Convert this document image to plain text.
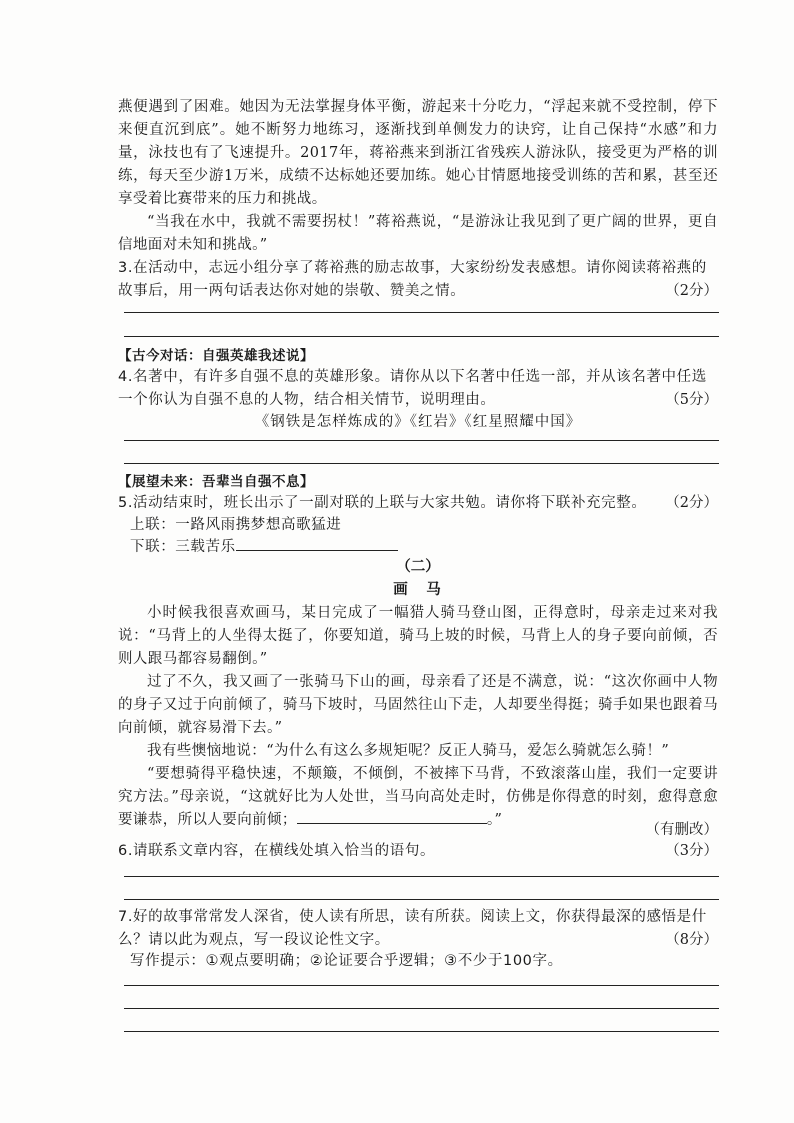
燕便遇到了困难。她因为无法掌握身体平衡，游起来十分吃力，“浮起来就不受控制，停下来便直沉到底”。她不断努力地练习，逐渐找到单侧发力的诀窍，让自己保持“水感”和力量，泳技也有了飞速提升。2017年，蒋裕燕来到浙江省残疾人游泳队，接受更为严格的训练，每天至少游1万米，成绩不达标她还要加练。她心甘情愿地接受训练的苦和累，甚至还享受着比赛带来的压力和挑战。

“当我在水中，我就不需要拐杖！”蒋裕燕说，“是游泳让我见到了更广阔的世界，更自信地面对未知和挑战。”

3.在活动中，志远小组分享了蒋裕燕的励志故事，大家纷纷发表感想。请你阅读蒋裕燕的故事后，用一两句话表达你对她的崇敬、赞美之情。	（2分）
【古今对话：自强英雄我述说】
4.名著中，有许多自强不息的英雄形象。请你从以下名著中任选一部，并从该名著中任选一个你认为自强不息的人物，结合相关情节，说明理由。	（5分）
《钢铁是怎样炼成的》《红岩》《红星照耀中国》
【展望未来：吾辈当自强不息】
5.活动结束时，班长出示了一副对联的上联与大家共勉。请你将下联补充完整。 （2分）
上联：一路风雨携梦想高歌猛进
下联：三载苦乐
（二）
画　马

小时候我很喜欢画马，某日完成了一幅猎人骑马登山图，正得意时，母亲走过来对我说：“马背上的人坐得太挺了，你要知道，骑马上坡的时候，马背上人的身子要向前倾，否则人跟马都容易翻倒。”

过了不久，我又画了一张骑马下山的画，母亲看了还是不满意，说：“这次你画中人物的身子又过于向前倾了，骑马下坡时，马固然往山下走，人却要坐得挺；骑手如果也跟着马向前倾，就容易滑下去。”

我有些懊恼地说：“为什么有这么多规矩呢？反正人骑马，爱怎么骑就怎么骑！”

“要想骑得平稳快速，不颠簸，不倾倒，不被摔下马背，不致滚落山崖，我们一定要讲究方法。”母亲说，“这就好比为人处世，当马向高处走时，仿佛是你得意的时刻，愈得意愈要谦恭，所以人要向前倾；	。”

（有删改）
6.请联系文章内容，在横线处填入恰当的语句。	（3分）
7.好的故事常常发人深省，使人读有所思，读有所获。阅读上文，你获得最深的感悟是什么？请以此为观点，写一段议论性文字。	（8分）
写作提示：①观点要明确；②论证要合乎逻辑；③不少于100字。
